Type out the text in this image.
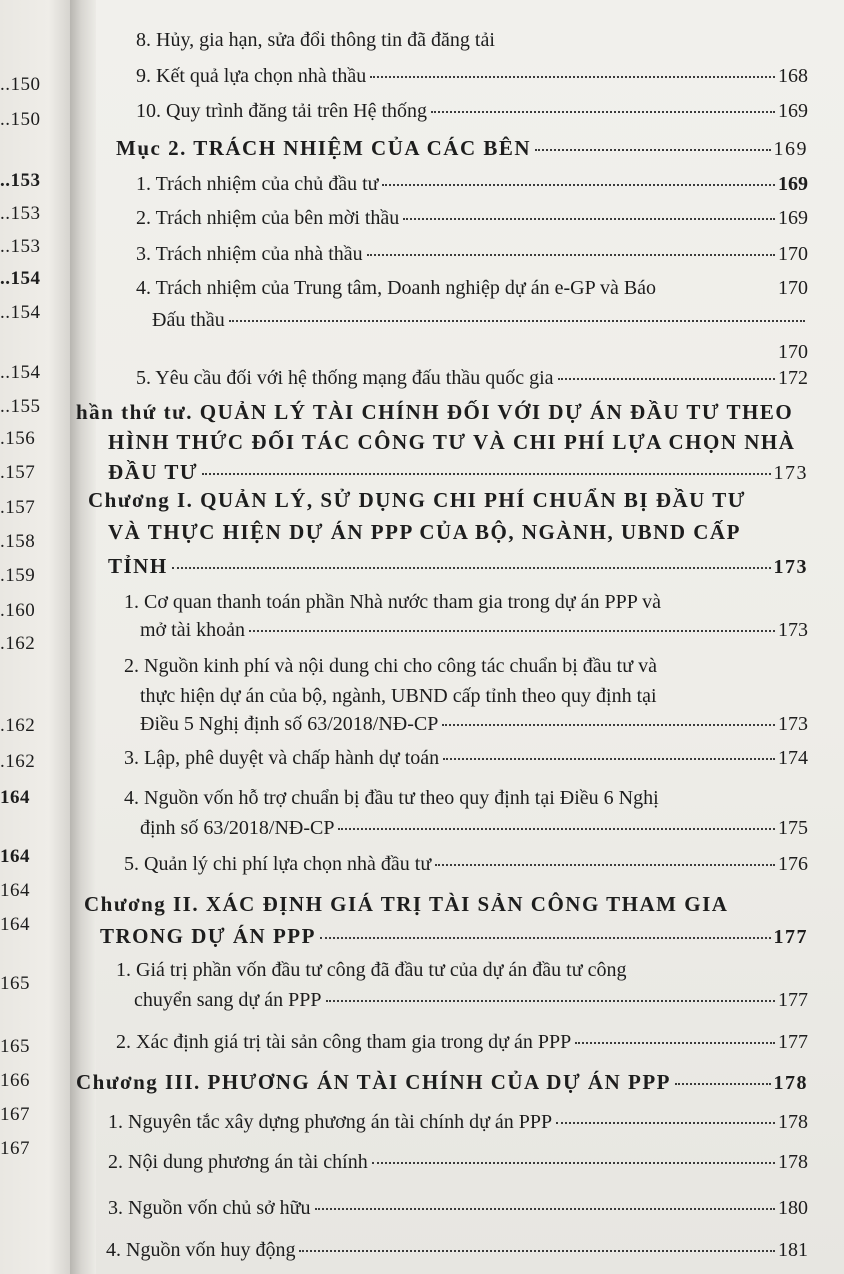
..150
..150
..153
..153
..153
..154
..154
..154
..155
.156
.157
.157
.158
.159
.160
.162
.162
.162
164
164
164
164
165
165
166
167
167
8. Hủy, gia hạn, sửa đổi thông tin đã đăng tải
9. Kết quả lựa chọn nhà thầu	168
10. Quy trình đăng tải trên Hệ thống	169
Mục 2. TRÁCH NHIỆM CỦA CÁC BÊN	169
1. Trách nhiệm của chủ đầu tư	169
2. Trách nhiệm của bên mời thầu	169
3. Trách nhiệm của nhà thầu	170
4. Trách nhiệm của Trung tâm, Doanh nghiệp dự án e-GP và Báo	170
Đấu thầu
170
5. Yêu cầu đối với hệ thống mạng đấu thầu quốc gia	172
hần thứ tư. QUẢN LÝ TÀI CHÍNH ĐỐI VỚI DỰ ÁN ĐẦU TƯ THEO
HÌNH THỨC ĐỐI TÁC CÔNG TƯ VÀ CHI PHÍ LỰA CHỌN NHÀ
ĐẦU TƯ	173
Chương I. QUẢN LÝ, SỬ DỤNG CHI PHÍ CHUẨN BỊ ĐẦU TƯ
VÀ THỰC HIỆN DỰ ÁN PPP CỦA BỘ, NGÀNH, UBND CẤP
TỈNH	173
1. Cơ quan thanh toán phần Nhà nước tham gia trong dự án PPP và
mở tài khoản	173
2. Nguồn kinh phí và nội dung chi cho công tác chuẩn bị đầu tư và
thực hiện dự án của bộ, ngành, UBND cấp tỉnh theo quy định tại
Điều 5 Nghị định số 63/2018/NĐ-CP	173
3. Lập, phê duyệt và chấp hành dự toán	174
4. Nguồn vốn hỗ trợ chuẩn bị đầu tư theo quy định tại Điều 6 Nghị
định số 63/2018/NĐ-CP	175
5. Quản lý chi phí lựa chọn nhà đầu tư	176
Chương II. XÁC ĐỊNH GIÁ TRỊ TÀI SẢN CÔNG THAM GIA
TRONG DỰ ÁN PPP	177
1. Giá trị phần vốn đầu tư công đã đầu tư của dự án đầu tư công
chuyển sang dự án PPP	177
2. Xác định giá trị tài sản công tham gia trong dự án PPP	177
Chương III. PHƯƠNG ÁN TÀI CHÍNH CỦA DỰ ÁN PPP	178
1. Nguyên tắc xây dựng phương án tài chính dự án PPP	178
2. Nội dung phương án tài chính	178
3. Nguồn vốn chủ sở hữu	180
4. Nguồn vốn huy động	181
